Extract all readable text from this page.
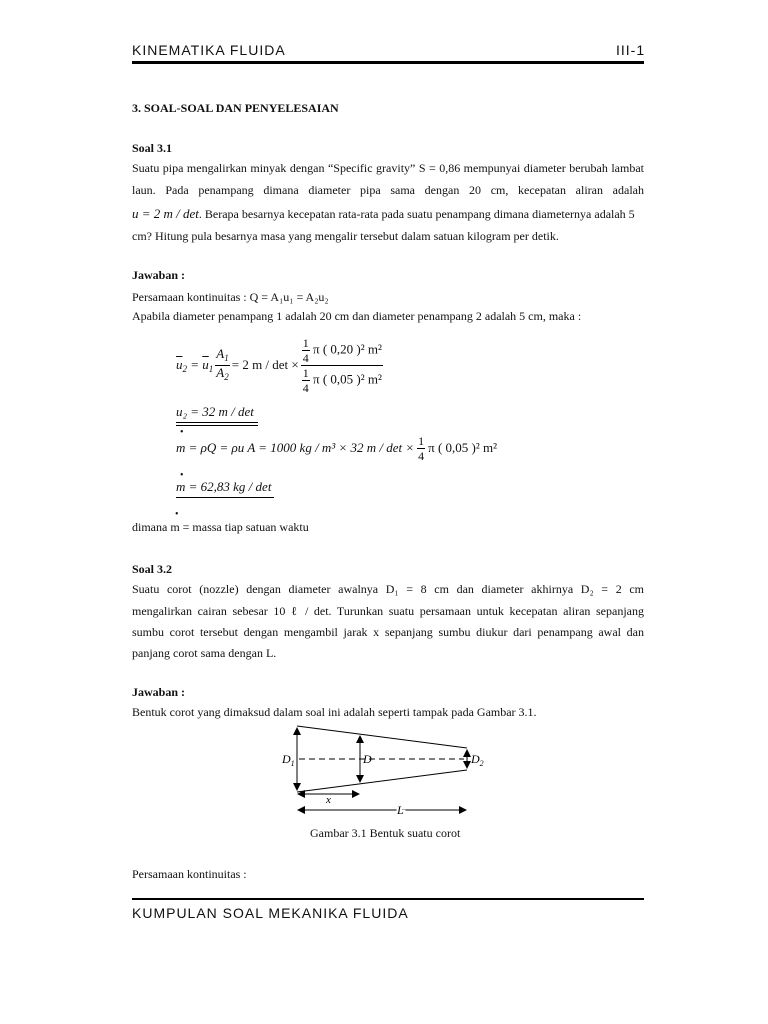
KINEMATIKA FLUIDA	III-1
3. SOAL-SOAL DAN PENYELESAIAN
Soal 3.1
Suatu pipa mengalirkan minyak dengan “Specific gravity” S = 0,86 mempunyai diameter berubah lambat
laun. Pada penampang dimana diameter pipa sama dengan 20 cm, kecepatan aliran adalah
u = 2 m / det. Berapa besarnya kecepatan rata-rata pada suatu penampang dimana diameternya adalah 5
cm? Hitung pula besarnya masa yang mengalir tersebut dalam satuan kilogram per detik.
Jawaban :
Persamaan kontinuitas : Q = A₁u₁ = A₂u₂
Apabila diameter penampang 1 adalah 20 cm dan diameter penampang 2 adalah 5 cm, maka :
$\overline{u}_2 = \overline{u}_1 \frac{A_1}{A_2} = 2$ $m / \det \times \frac{\frac{1}{4} \pi ( 0,20 )^2 m^2}{\frac{1}{4} \pi ( 0,05 )^2 m^2}$
u₂ = 32 m / det
•
m = ρQ = ρu A = 1000 kg / m³ × 32 $m / \det \times \frac{1}{4}$ π ( 0,05 )² m²
•
m = 62,83 kg / det
•
dimana m = massa tiap satuan waktu
Soal 3.2
Suatu corot (nozzle) dengan diameter awalnya D₁ = 8 cm dan diameter akhirnya D₂ = 2 cm
mengalirkan cairan sebesar 10 ℓ / det. Turunkan suatu persamaan untuk kecepatan aliran sepanjang
sumbu corot tersebut dengan mengambil jarak x sepanjang sumbu diukur dari penampang awal dan
panjang corot sama dengan L.
Jawaban :
Bentuk corot yang dimaksud dalam soal ini adalah seperti tampak pada Gambar 3.1.
$D_1$	D	$D_2$
x
L
Gambar 3.1 Bentuk suatu corot
Persamaan kontinuitas :
KUMPULAN SOAL MEKANIKA FLUIDA
